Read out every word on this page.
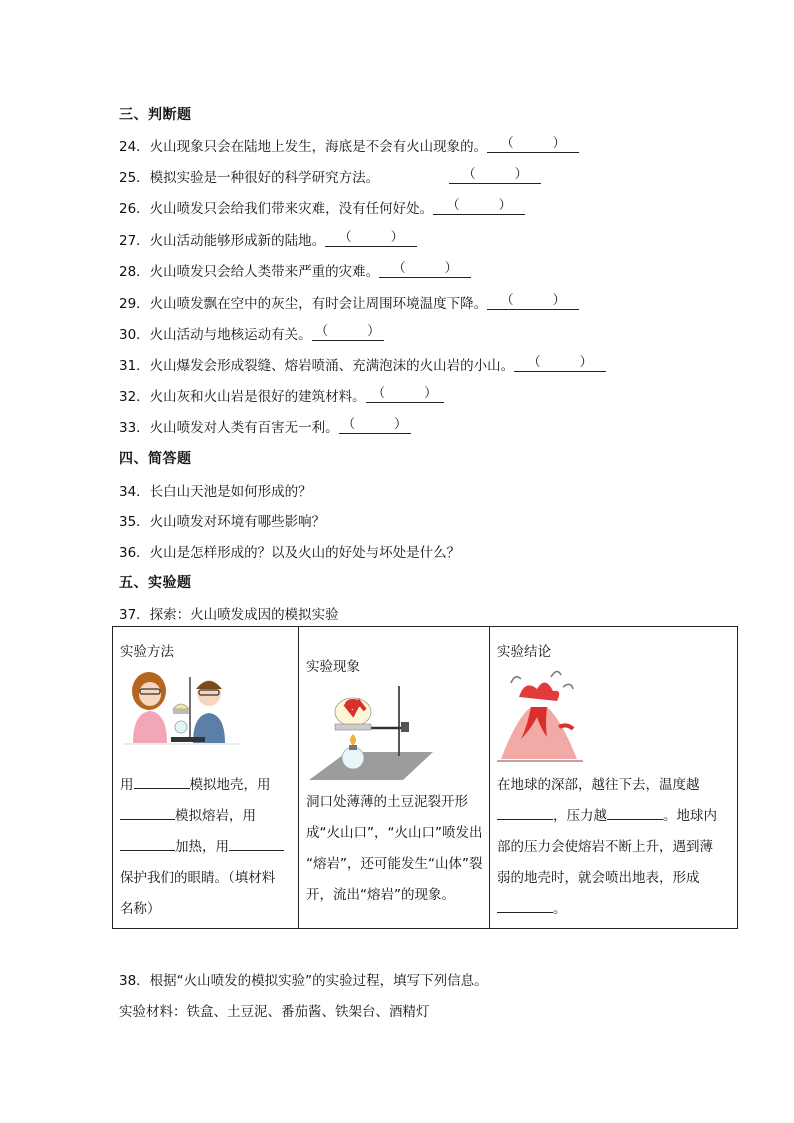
三、判断题
24．火山现象只会在陆地上发生，海底是不会有火山现象的。	（　　　）
25．模拟实验是一种很好的科学研究方法。	（　　　）
26．火山喷发只会给我们带来灾难，没有任何好处。	（　　　）
27．火山活动能够形成新的陆地。	（　　　）
28．火山喷发只会给人类带来严重的灾难。	（　　　）
29．火山喷发飘在空中的灰尘，有时会让周围环境温度下降。	（　　　）
30．火山活动与地核运动有关。 （　　　）
31．火山爆发会形成裂缝、熔岩喷涌、充满泡沫的火山岩的小山。	（　　　）
32．火山灰和火山岩是很好的建筑材料。 （　　　）
33．火山喷发对人类有百害无一利。 （　　　）
四、简答题
34．长白山天池是如何形成的？
35．火山喷发对环境有哪些影响？
36．火山是怎样形成的？以及火山的好处与坏处是什么？
五、实验题
37．探索：火山喷发成因的模拟实验
实验方法
用	模拟地壳，用
模拟熔岩，用
加热，用
保护我们的眼睛。（填材料
名称）

实验现象
洞口处薄薄的土豆泥裂开形
成“火山口”，“火山口”喷发出
“熔岩”，还可能发生“山体”裂
开，流出“熔岩”的现象。

实验结论
在地球的深部，越往下去，温度越
，压力越	。地球内
部的压力会使熔岩不断上升，遇到薄
弱的地壳时，就会喷出地表，形成
。
38．根据“火山喷发的模拟实验”的实验过程，填写下列信息。
实验材料：铁盒、土豆泥、番茄酱、铁架台、酒精灯
